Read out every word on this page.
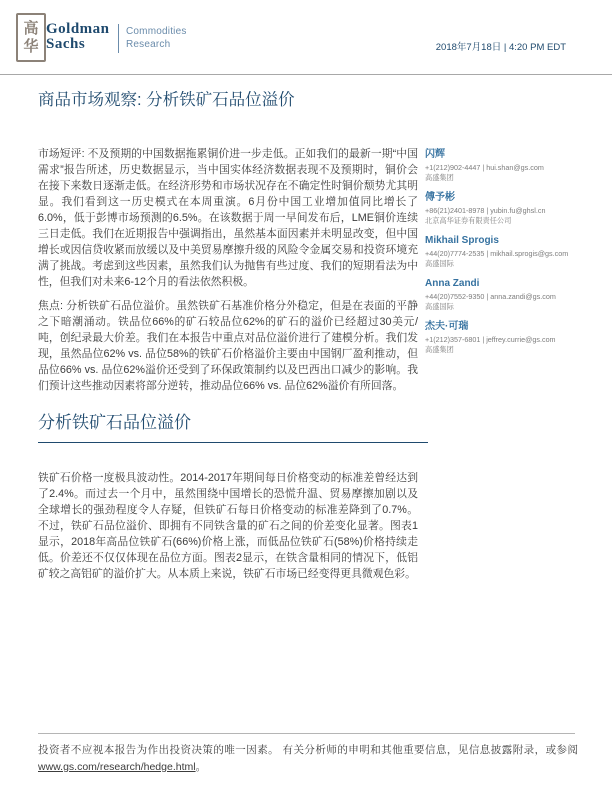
高
华
Goldman
Sachs
Commodities
Research	2018年7月18日 | 4:20 PM EDT
商品市场观察: 分析铁矿石品位溢价

市场短评: 不及预期的中国数据拖累铜价进一步走低。正如我们的最新一期“中国需求”报告所述，历史数据显示，当中国实体经济数据表现不及预期时，铜价会在接下来数日逐渐走低。在经济形势和市场状况存在不确定性时铜价颓势尤其明显。我们看到这一历史模式在本周重演。6月份中国工业增加值同比增长了6.0%，低于彭博市场预测的6.5%。在该数据于周一早间发布后，LME铜价连续三日走低。我们在近期报告中强调指出，虽然基本面因素并未明显改变，但中国增长或因信贷收紧而放缓以及中美贸易摩擦升级的风险令金属交易和投资环境充满了挑战。考虑到这些因素，虽然我们认为抛售有些过度、我们的短期看法为中性，但我们对未来6-12个月的看法依然积极。

焦点: 分析铁矿石品位溢价。虽然铁矿石基准价格分外稳定，但是在表面的平静之下暗潮涌动。铁品位66%的矿石较品位62%的矿石的溢价已经超过30美元/吨，创纪录最大价差。我们在本报告中重点对品位溢价进行了建模分析。我们发现，虽然品位62% vs. 品位58%的铁矿石价格溢价主要由中国钢厂盈利推动，但品位66% vs. 品位62%溢价还受到了环保政策制约以及巴西出口减少的影响。我们预计这些推动因素将部分逆转，推动品位66% vs. 品位62%溢价有所回落。

分析铁矿石品位溢价

铁矿石价格一度极具波动性。2014-2017年期间每日价格变动的标准差曾经达到了2.4%。而过去一个月中，虽然围绕中国增长的恐慌升温、贸易摩擦加剧以及全球增长的强劲程度令人存疑，但铁矿石每日价格变动的标准差降到了0.7%。不过，铁矿石品位溢价、即拥有不同铁含量的矿石之间的价差变化显著。图表1显示，2018年高品位铁矿石(66%)价格上涨，而低品位铁矿石(58%)价格持续走低。价差还不仅仅体现在品位方面。图表2显示，在铁含量相同的情况下，低铝矿较之高铝矿的溢价扩大。从本质上来说，铁矿石市场已经变得更具微观色彩。

闪辉
+1(212)902-4447 | hui.shan@gs.com
高盛集团
傅予彬
+86(21)2401-8978 | yubin.fu@ghsl.cn
北京高华证券有限责任公司
Mikhail Sprogis
+44(20)7774-2535 | mikhail.sprogis@gs.com
高盛国际
Anna Zandi
+44(20)7552-9350 | anna.zandi@gs.com
高盛国际
杰夫·可瑞
+1(212)357-6801 | jeffrey.currie@gs.com
高盛集团
投资者不应视本报告为作出投资决策的唯一因素。 有关分析师的申明和其他重要信息，见信息披露附录，或参阅 www.gs.com/research/hedge.html。
